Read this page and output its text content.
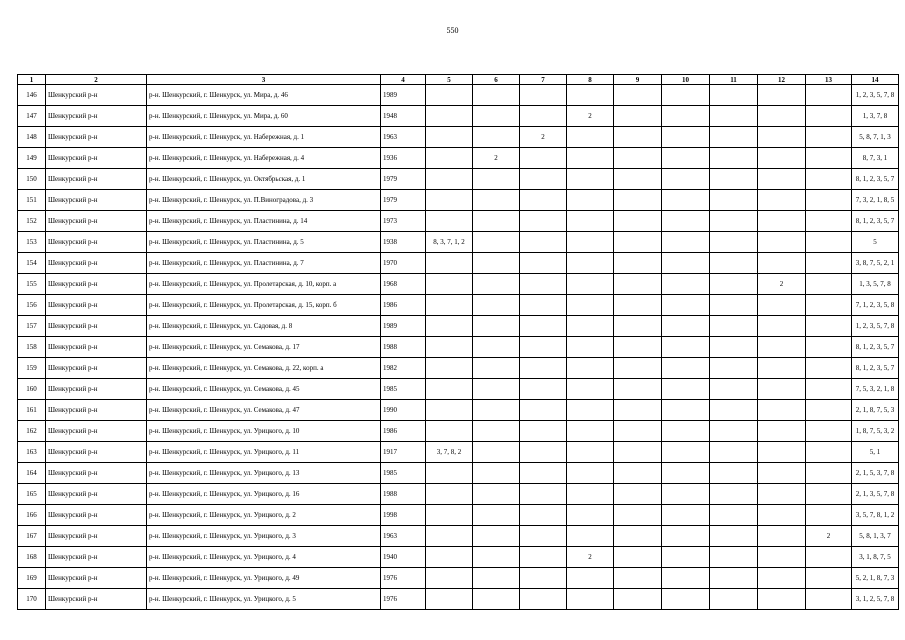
550
1	2	3	4	5	6	7	8	9	10	11	12	13	14
146	Шенкурский р-н	р-н. Шенкурский, г. Шенкурск, ул. Мира, д. 46	1989										1, 2, 3, 5, 7, 8
147	Шенкурский р-н	р-н. Шенкурский, г. Шенкурск, ул. Мира, д. 60	1948				2						1, 3, 7, 8
148	Шенкурский р-н	р-н. Шенкурский, г. Шенкурск, ул. Набережная, д. 1	1963			2							5, 8, 7, 1, 3
149	Шенкурский р-н	р-н. Шенкурский, г. Шенкурск, ул. Набережная, д. 4	1936		2								8, 7, 3, 1
150	Шенкурский р-н	р-н. Шенкурский, г. Шенкурск, ул. Октябрьская, д. 1	1979										8, 1, 2, 3, 5, 7
151	Шенкурский р-н	р-н. Шенкурский, г. Шенкурск, ул. П.Виноградова, д. 3	1979										7, 3, 2, 1, 8, 5
152	Шенкурский р-н	р-н. Шенкурский, г. Шенкурск, ул. Пластинина, д. 14	1973										8, 1, 2, 3, 5, 7
153	Шенкурский р-н	р-н. Шенкурский, г. Шенкурск, ул. Пластинина, д. 5	1938	8, 3, 7, 1, 2									5
154	Шенкурский р-н	р-н. Шенкурский, г. Шенкурск, ул. Пластинина, д. 7	1970										3, 8, 7, 5, 2, 1
155	Шенкурский р-н	р-н. Шенкурский, г. Шенкурск, ул. Пролетарская, д. 10, корп. а	1968								2		1, 3, 5, 7, 8
156	Шенкурский р-н	р-н. Шенкурский, г. Шенкурск, ул. Пролетарская, д. 15, корп. б	1986										7, 1, 2, 3, 5, 8
157	Шенкурский р-н	р-н. Шенкурский, г. Шенкурск, ул. Садовая, д. 8	1989										1, 2, 3, 5, 7, 8
158	Шенкурский р-н	р-н. Шенкурский, г. Шенкурск, ул. Семакова, д. 17	1988										8, 1, 2, 3, 5, 7
159	Шенкурский р-н	р-н. Шенкурский, г. Шенкурск, ул. Семакова, д. 22, корп. а	1982										8, 1, 2, 3, 5, 7
160	Шенкурский р-н	р-н. Шенкурский, г. Шенкурск, ул. Семакова, д. 45	1985										7, 5, 3, 2, 1, 8
161	Шенкурский р-н	р-н. Шенкурский, г. Шенкурск, ул. Семакова, д. 47	1990										2, 1, 8, 7, 5, 3
162	Шенкурский р-н	р-н. Шенкурский, г. Шенкурск, ул. Урицкого, д. 10	1986										1, 8, 7, 5, 3, 2
163	Шенкурский р-н	р-н. Шенкурский, г. Шенкурск, ул. Урицкого, д. 11	1917	3, 7, 8, 2									5, 1
164	Шенкурский р-н	р-н. Шенкурский, г. Шенкурск, ул. Урицкого, д. 13	1985										2, 1, 5, 3, 7, 8
165	Шенкурский р-н	р-н. Шенкурский, г. Шенкурск, ул. Урицкого, д. 16	1988										2, 1, 3, 5, 7, 8
166	Шенкурский р-н	р-н. Шенкурский, г. Шенкурск, ул. Урицкого, д. 2	1998										3, 5, 7, 8, 1, 2
167	Шенкурский р-н	р-н. Шенкурский, г. Шенкурск, ул. Урицкого, д. 3	1963									2	5, 8, 1, 3, 7
168	Шенкурский р-н	р-н. Шенкурский, г. Шенкурск, ул. Урицкого, д. 4	1940				2						3, 1, 8, 7, 5
169	Шенкурский р-н	р-н. Шенкурский, г. Шенкурск, ул. Урицкого, д. 49	1976										5, 2, 1, 8, 7, 3
170	Шенкурский р-н	р-н. Шенкурский, г. Шенкурск, ул. Урицкого, д. 5	1976										3, 1, 2, 5, 7, 8
